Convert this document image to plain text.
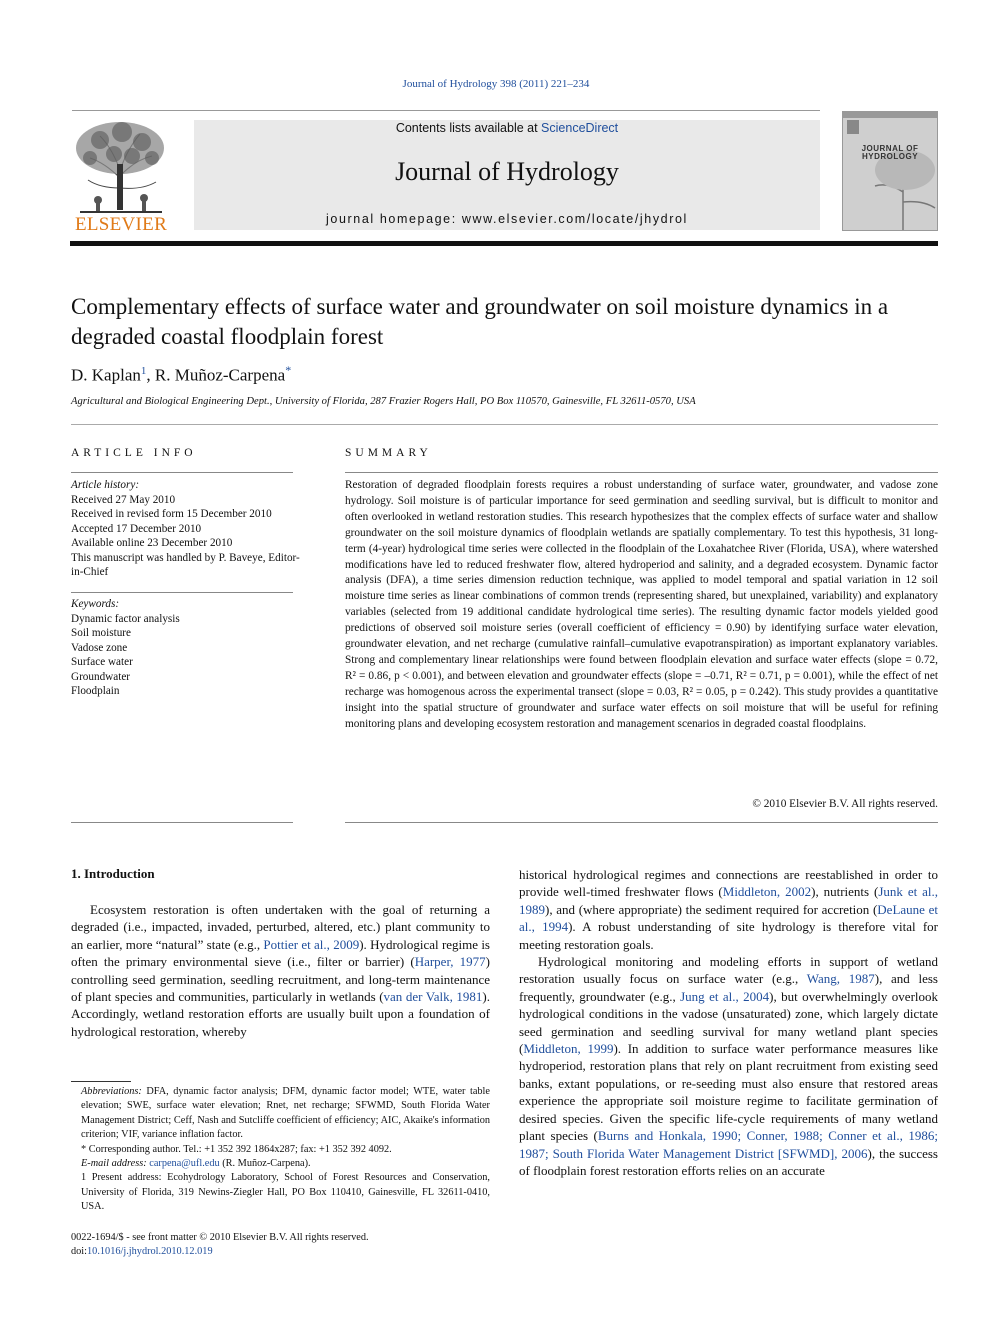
Journal of Hydrology 398 (2011) 221–234
ELSEVIER
Contents lists available at ScienceDirect
Journal of Hydrology
journal homepage: www.elsevier.com/locate/jhydrol
JOURNAL OF
HYDROLOGY
Complementary effects of surface water and groundwater on soil moisture dynamics in a degraded coastal floodplain forest
D. Kaplan$^1$, R. Muñoz-Carpena*
Agricultural and Biological Engineering Dept., University of Florida, 287 Frazier Rogers Hall, PO Box 110570, Gainesville, FL 32611-0570, USA
ARTICLE INFO	SUMMARY
Article history:
Received 27 May 2010
Received in revised form 15 December 2010
Accepted 17 December 2010
Available online 23 December 2010
This manuscript was handled by P. Baveye, Editor-in-Chief
Keywords:
Dynamic factor analysis
Soil moisture
Vadose zone
Surface water
Groundwater
Floodplain
Restoration of degraded floodplain forests requires a robust understanding of surface water, groundwater, and vadose zone hydrology. Soil moisture is of particular importance for seed germination and seedling survival, but is difficult to monitor and often overlooked in wetland restoration studies. This research hypothesizes that the complex effects of surface water and shallow groundwater on the soil moisture dynamics of floodplain wetlands are spatially complementary. To test this hypothesis, 31 long-term (4-year) hydrological time series were collected in the floodplain of the Loxahatchee River (Florida, USA), where watershed modifications have led to reduced freshwater flow, altered hydroperiod and salinity, and a degraded ecosystem. Dynamic factor analysis (DFA), a time series dimension reduction technique, was applied to model temporal and spatial variation in 12 soil moisture time series as linear combinations of common trends (representing shared, but unexplained, variability) and explanatory variables (selected from 19 additional candidate hydrological time series). The resulting dynamic factor models yielded good predictions of observed soil moisture series (overall coefficient of efficiency = 0.90) by identifying surface water elevation, groundwater elevation, and net recharge (cumulative rainfall–cumulative evapotranspiration) as important explanatory variables. Strong and complementary linear relationships were found between floodplain elevation and surface water effects (slope = 0.72, R² = 0.86, p < 0.001), and between elevation and groundwater effects (slope = –0.71, R² = 0.71, p = 0.001), while the effect of net recharge was homogenous across the experimental transect (slope = 0.03, R² = 0.05, p = 0.242). This study provides a quantitative insight into the spatial structure of groundwater and surface water effects on soil moisture that will be useful for refining monitoring plans and developing ecosystem restoration and management scenarios in degraded coastal floodplains.
© 2010 Elsevier B.V. All rights reserved.
1. Introduction
Ecosystem restoration is often undertaken with the goal of returning a degraded (i.e., impacted, invaded, perturbed, altered, etc.) plant community to an earlier, more “natural” state (e.g., Pottier et al., 2009). Hydrological regime is often the primary environmental sieve (i.e., filter or barrier) (Harper, 1977) controlling seed germination, seedling recruitment, and long-term maintenance of plant species and communities, particularly in wetlands (van der Valk, 1981). Accordingly, wetland restoration efforts are usually built upon a foundation of hydrological restoration, whereby

historical hydrological regimes and connections are reestablished in order to provide well-timed freshwater flows (Middleton, 2002), nutrients (Junk et al., 1989), and (where appropriate) the sediment required for accretion (DeLaune et al., 1994). A robust understanding of site hydrology is therefore vital for meeting restoration goals.

Hydrological monitoring and modeling efforts in support of wetland restoration usually focus on surface water (e.g., Wang, 1987), and less frequently, groundwater (e.g., Jung et al., 2004), but overwhelmingly overlook hydrological conditions in the vadose (unsaturated) zone, which largely dictate seed germination and seedling survival for many wetland plant species (Middleton, 1999). In addition to surface water performance measures like hydroperiod, restoration plans that rely on plant recruitment from existing seed banks, extant populations, or re-seeding must also ensure that restored areas experience the appropriate soil moisture regime to facilitate germination of desired species. Given the specific life-cycle requirements of many wetland plant species (Burns and Honkala, 1990; Conner, 1988; Conner et al., 1986; 1987; South Florida Water Management District [SFWMD], 2006), the success of floodplain forest restoration efforts relies on an accurate

Abbreviations: DFA, dynamic factor analysis; DFM, dynamic factor model; WTE, water table elevation; SWE, surface water elevation; Rnet, net recharge; SFWMD, South Florida Water Management District; Ceff, Nash and Sutcliffe coefficient of efficiency; AIC, Akaike's information criterion; VIF, variance inflation factor.
* Corresponding author. Tel.: +1 352 392 1864x287; fax: +1 352 392 4092.
E-mail address: carpena@ufl.edu (R. Muñoz-Carpena).
1 Present address: Ecohydrology Laboratory, School of Forest Resources and Conservation, University of Florida, 319 Newins-Ziegler Hall, PO Box 110410, Gainesville, FL 32611-0410, USA.
0022-1694/$ - see front matter © 2010 Elsevier B.V. All rights reserved.
doi:10.1016/j.jhydrol.2010.12.019
